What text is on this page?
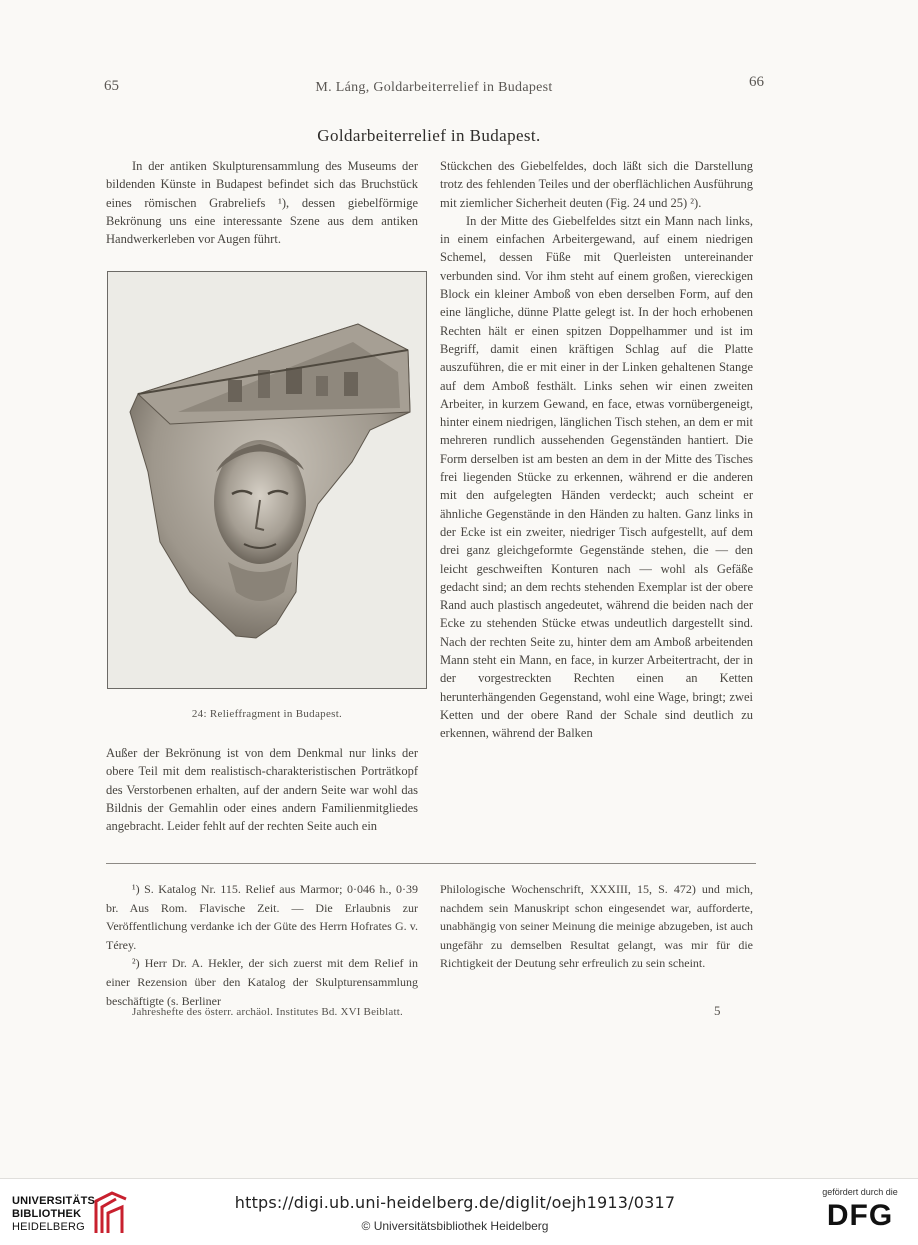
65	M. Láng, Goldarbeiterrelief in Budapest	66
Goldarbeiterrelief in Budapest.

In der antiken Skulpturensammlung des Museums der bildenden Künste in Budapest befindet sich das Bruchstück eines römischen Grabreliefs ¹), dessen giebelförmige Bekrönung uns eine interessante Szene aus dem antiken Handwerkerleben vor Augen führt.

24: Relieffragment in Budapest.

Stückchen des Giebelfeldes, doch läßt sich die Darstellung trotz des fehlenden Teiles und der oberflächlichen Ausführung mit ziemlicher Sicherheit deuten (Fig. 24 und 25) ²).

In der Mitte des Giebelfeldes sitzt ein Mann nach links, in einem einfachen Arbeitergewand, auf einem niedrigen Schemel, dessen Füße mit Querleisten untereinander verbunden sind. Vor ihm steht auf einem großen, viereckigen Block ein kleiner Amboß von eben derselben Form, auf den eine längliche, dünne Platte gelegt ist. In der hoch erhobenen Rechten hält er einen spitzen Doppelhammer und ist im Begriff, damit einen kräftigen Schlag auf die Platte auszuführen, die er mit einer in der Linken gehaltenen Stange auf dem Amboß festhält. Links sehen wir einen zweiten Arbeiter, in kurzem Gewand, en face, etwas vornübergeneigt, hinter einem niedrigen, länglichen Tisch stehen, an dem er mit mehreren rundlich aussehenden Gegenständen hantiert. Die Form derselben ist am besten an dem in der Mitte des Tisches frei liegenden Stücke zu erkennen, während er die anderen mit den aufgelegten Händen verdeckt; auch scheint er ähnliche Gegenstände in den Händen zu halten. Ganz links in der Ecke ist ein zweiter, niedriger Tisch aufgestellt, auf dem drei ganz gleichgeformte Gegenstände stehen, die — den leicht geschweiften Konturen nach — wohl als Gefäße gedacht sind; an dem rechts stehenden Exemplar ist der obere Rand auch plastisch angedeutet, während die beiden nach der Ecke zu stehenden Stücke etwas undeutlich dargestellt sind. Nach der rechten Seite zu, hinter dem am Amboß arbeitenden Mann steht ein Mann, en face, in kurzer Arbeitertracht, der in der vorgestreckten Rechten einen an Ketten herunterhängenden Gegenstand, wohl eine Wage, bringt; zwei Ketten und der obere Rand der Schale sind deutlich zu erkennen, während der Balken

Außer der Bekrönung ist von dem Denkmal nur links der obere Teil mit dem realistisch-charakteristischen Porträtkopf des Verstorbenen erhalten, auf der andern Seite war wohl das Bildnis der Gemahlin oder eines andern Familienmitgliedes angebracht. Leider fehlt auf der rechten Seite auch ein

¹) S. Katalog Nr. 115. Relief aus Marmor; 0·046 h., 0·39 br. Aus Rom. Flavische Zeit. — Die Erlaubnis zur Veröffentlichung verdanke ich der Güte des Herrn Hofrates G. v. Térey.

²) Herr Dr. A. Hekler, der sich zuerst mit dem Relief in einer Rezension über den Katalog der Skulpturensammlung beschäftigte (s. Berliner

Philologische Wochenschrift, XXXIII, 15, S. 472) und mich, nachdem sein Manuskript schon eingesendet war, aufforderte, unabhängig von seiner Meinung die meinige abzugeben, ist auch ungefähr zu demselben Resultat gelangt, was mir für die Richtigkeit der Deutung sehr erfreulich zu sein scheint.

Jahreshefte des österr. archäol. Institutes Bd. XVI Beiblatt.	5
UNIVERSITÄTS-
BIBLIOTHEK
HEIDELBERG
https://digi.ub.uni-heidelberg.de/diglit/oejh1913/0317
© Universitätsbibliothek Heidelberg
gefördert durch die
DFG
